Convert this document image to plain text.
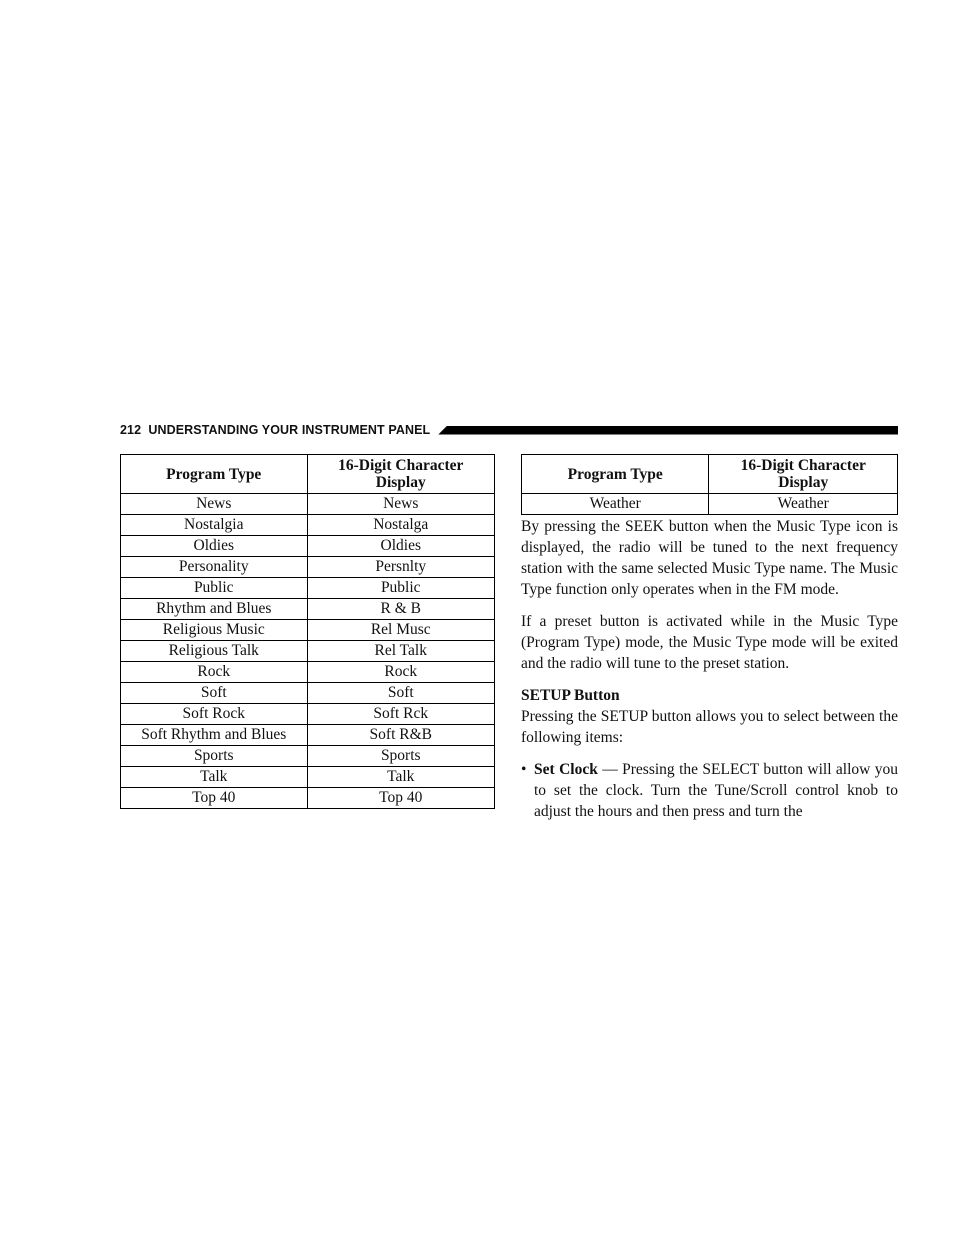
212 UNDERSTANDING YOUR INSTRUMENT PANEL
Program Type	16-Digit Character
Display
News	News
Nostalgia	Nostalga
Oldies	Oldies
Personality	Persnlty
Public	Public
Rhythm and Blues	R & B
Religious Music	Rel Musc
Religious Talk	Rel Talk
Rock	Rock
Soft	Soft
Soft Rock	Soft Rck
Soft Rhythm and Blues	Soft R&B
Sports	Sports
Talk	Talk
Top 40	Top 40
Program Type	16-Digit Character
Display
Weather	Weather

By pressing the SEEK button when the Music Type icon is displayed, the radio will be tuned to the next frequency station with the same selected Music Type name. The Music Type function only operates when in the FM mode.

If a preset button is activated while in the Music Type (Program Type) mode, the Music Type mode will be exited and the radio will tune to the preset station.

SETUP Button

Pressing the SETUP button allows you to select between the following items:

• Set Clock — Pressing the SELECT button will allow you to set the clock. Turn the Tune/Scroll control knob to adjust the hours and then press and turn the
